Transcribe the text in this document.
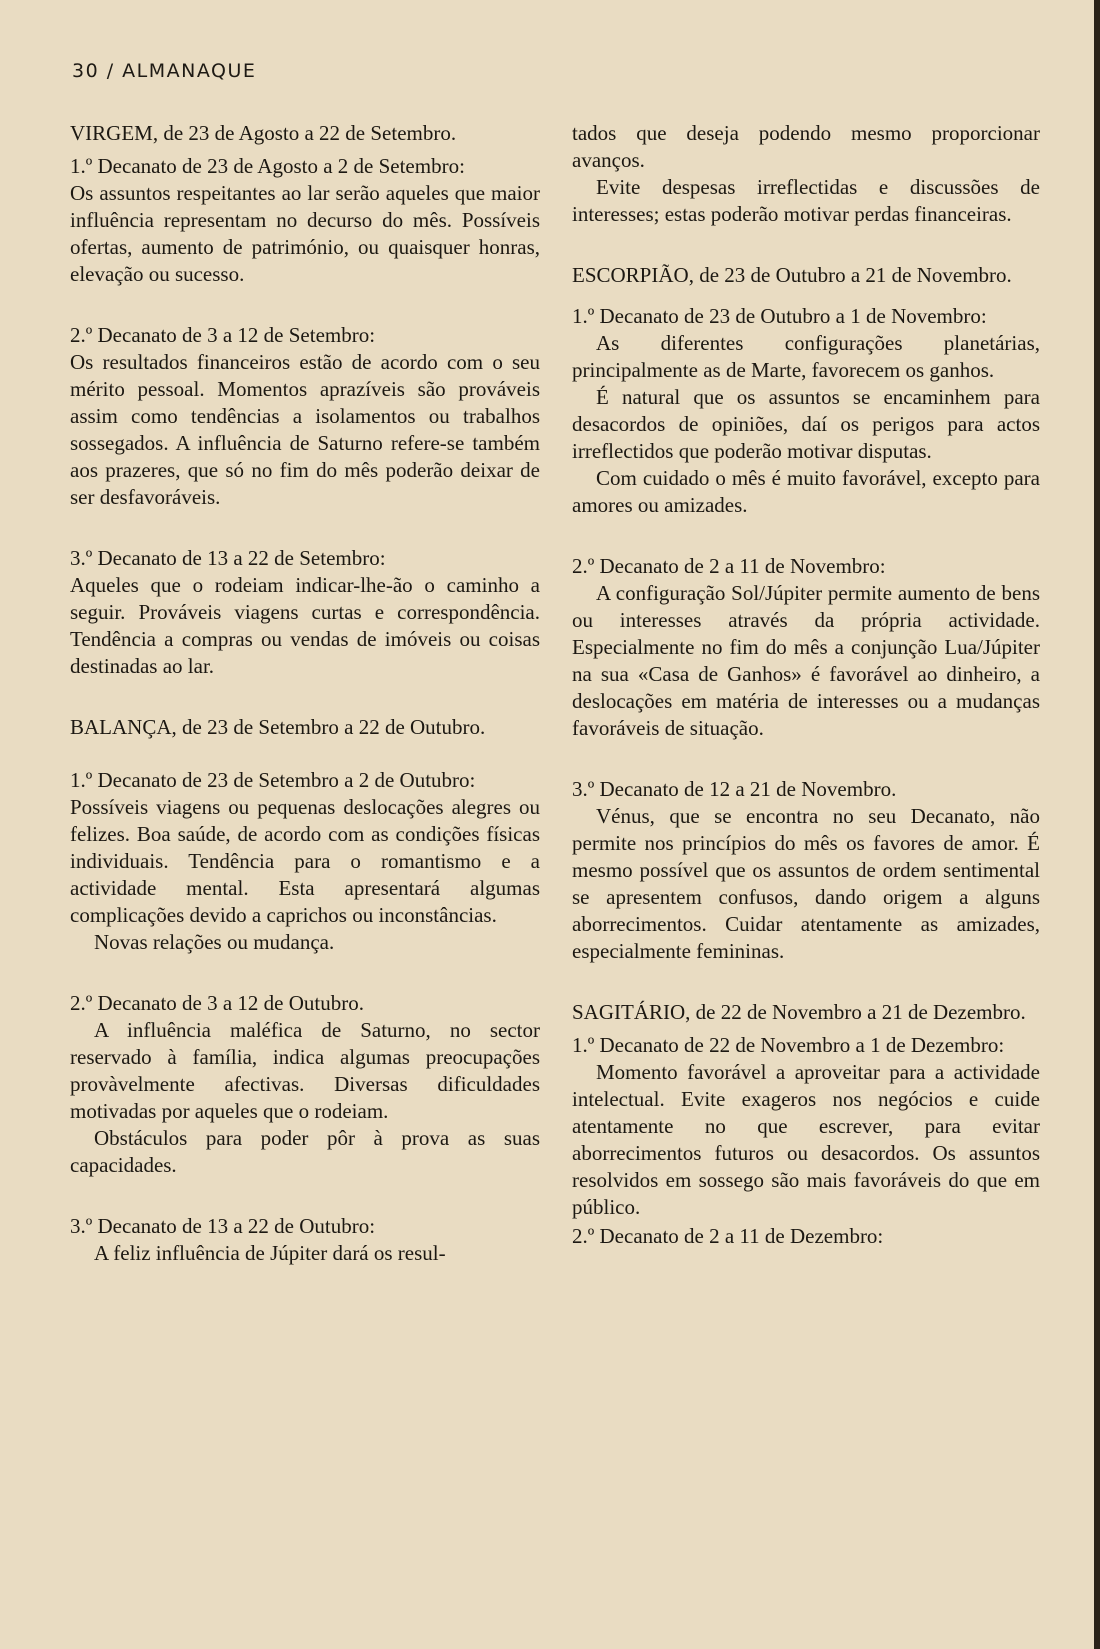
30 / ALMANAQUE

VIRGEM, de 23 de Agosto a 22 de Setembro.

1.º Decanato de 23 de Agosto a 2 de Setembro:

Os assuntos respeitantes ao lar serão aqueles que maior influência representam no decurso do mês. Possíveis ofertas, aumento de património, ou quaisquer honras, elevação ou sucesso.

2.º Decanato de 3 a 12 de Setembro:

Os resultados financeiros estão de acordo com o seu mérito pessoal. Momentos aprazíveis são prováveis assim como tendências a isolamentos ou trabalhos sossegados. A influência de Saturno refere-se também aos prazeres, que só no fim do mês poderão deixar de ser desfavoráveis.

3.º Decanato de 13 a 22 de Setembro:

Aqueles que o rodeiam indicar-lhe-ão o caminho a seguir. Prováveis viagens curtas e correspondência. Tendência a compras ou vendas de imóveis ou coisas destinadas ao lar.

BALANÇA, de 23 de Setembro a 22 de Outubro.

1.º Decanato de 23 de Setembro a 2 de Outubro:

Possíveis viagens ou pequenas deslocações alegres ou felizes. Boa saúde, de acordo com as condições físicas individuais. Tendência para o romantismo e a actividade mental. Esta apresentará algumas complicações devido a caprichos ou inconstâncias.

Novas relações ou mudança.

2.º Decanato de 3 a 12 de Outubro.

A influência maléfica de Saturno, no sector reservado à família, indica algumas preocupações provàvelmente afectivas. Diversas dificuldades motivadas por aqueles que o rodeiam.

Obstáculos para poder pôr à prova as suas capacidades.

3.º Decanato de 13 a 22 de Outubro:

A feliz influência de Júpiter dará os resul-

tados que deseja podendo mesmo proporcionar avanços.

Evite despesas irreflectidas e discussões de interesses; estas poderão motivar perdas financeiras.

ESCORPIÃO, de 23 de Outubro a 21 de Novembro.

1.º Decanato de 23 de Outubro a 1 de Novembro:

As diferentes configurações planetárias, principalmente as de Marte, favorecem os ganhos.

É natural que os assuntos se encaminhem para desacordos de opiniões, daí os perigos para actos irreflectidos que poderão motivar disputas.

Com cuidado o mês é muito favorável, excepto para amores ou amizades.

2.º Decanato de 2 a 11 de Novembro:

A configuração Sol/Júpiter permite aumento de bens ou interesses através da própria actividade. Especialmente no fim do mês a conjunção Lua/Júpiter na sua «Casa de Ganhos» é favorável ao dinheiro, a deslocações em matéria de interesses ou a mudanças favoráveis de situação.

3.º Decanato de 12 a 21 de Novembro.

Vénus, que se encontra no seu Decanato, não permite nos princípios do mês os favores de amor. É mesmo possível que os assuntos de ordem sentimental se apresentem confusos, dando origem a alguns aborrecimentos. Cuidar atentamente as amizades, especialmente femininas.

SAGITÁRIO, de 22 de Novembro a 21 de Dezembro.

1.º Decanato de 22 de Novembro a 1 de Dezembro:

Momento favorável a aproveitar para a actividade intelectual. Evite exageros nos negócios e cuide atentamente no que escrever, para evitar aborrecimentos futuros ou desacordos. Os assuntos resolvidos em sossego são mais favoráveis do que em público.

2.º Decanato de 2 a 11 de Dezembro:
